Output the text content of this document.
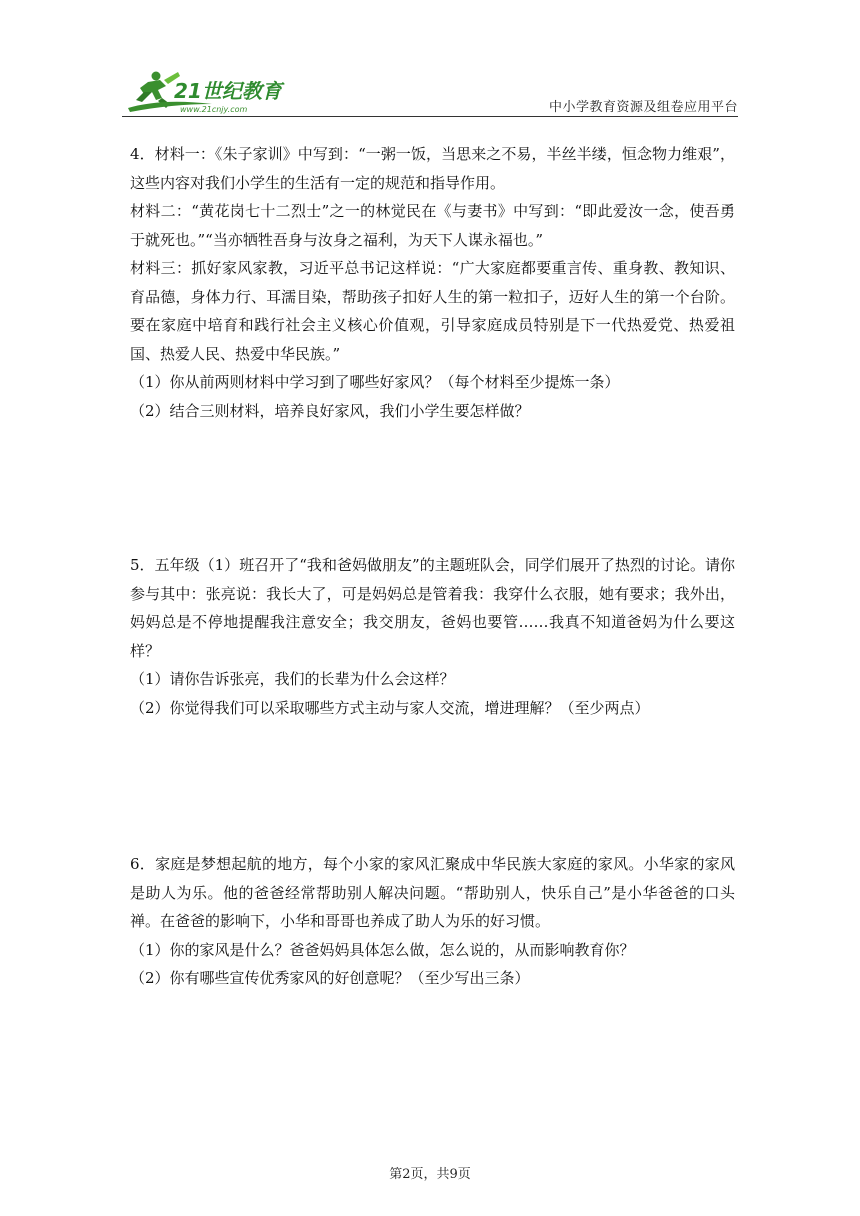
21世纪教育
www.21cnjy.com	中小学教育资源及组卷应用平台

4．材料一：《朱子家训》中写到：“一粥一饭，当思来之不易，半丝半缕，恒念物力维艰”，这些内容对我们小学生的生活有一定的规范和指导作用。

材料二：“黄花岗七十二烈士”之一的林觉民在《与妻书》中写到：“即此爱汝一念，使吾勇于就死也。”“当亦牺牲吾身与汝身之福利，为天下人谋永福也。”

材料三：抓好家风家教，习近平总书记这样说：“广大家庭都要重言传、重身教、教知识、育品德，身体力行、耳濡目染，帮助孩子扣好人生的第一粒扣子，迈好人生的第一个台阶。要在家庭中培育和践行社会主义核心价值观，引导家庭成员特别是下一代热爱党、热爱祖国、热爱人民、热爱中华民族。”

（1）你从前两则材料中学习到了哪些好家风？（每个材料至少提炼一条）

（2）结合三则材料，培养良好家风，我们小学生要怎样做？

5．五年级（1）班召开了“我和爸妈做朋友”的主题班队会，同学们展开了热烈的讨论。请你参与其中：张亮说：我长大了，可是妈妈总是管着我：我穿什么衣服，她有要求；我外出，妈妈总是不停地提醒我注意安全；我交朋友，爸妈也要管……我真不知道爸妈为什么要这样？

（1）请你告诉张亮，我们的长辈为什么会这样？

（2）你觉得我们可以采取哪些方式主动与家人交流，增进理解？（至少两点）

6．家庭是梦想起航的地方，每个小家的家风汇聚成中华民族大家庭的家风。小华家的家风是助人为乐。他的爸爸经常帮助别人解决问题。“帮助别人，快乐自己”是小华爸爸的口头禅。在爸爸的影响下，小华和哥哥也养成了助人为乐的好习惯。

（1）你的家风是什么？爸爸妈妈具体怎么做，怎么说的，从而影响教育你？

（2）你有哪些宣传优秀家风的好创意呢？（至少写出三条）

第2页，共9页
